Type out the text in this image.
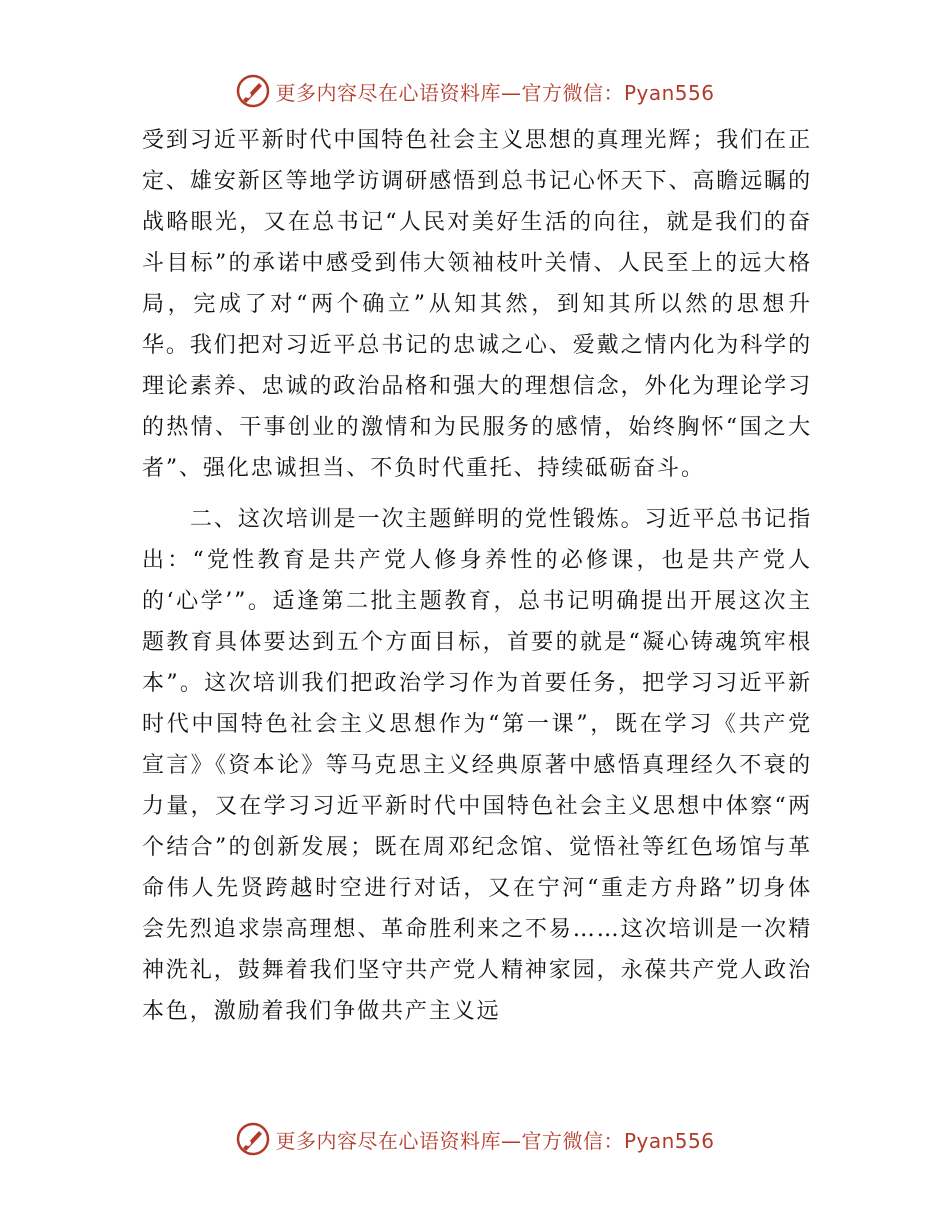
更多内容尽在心语资料库—官方微信：Pyan556

受到习近平新时代中国特色社会主义思想的真理光辉；我们在正定、雄安新区等地学访调研感悟到总书记心怀天下、高瞻远瞩的战略眼光，又在总书记“人民对美好生活的向往，就是我们的奋斗目标”的承诺中感受到伟大领袖枝叶关情、人民至上的远大格局，完成了对“两个确立”从知其然，到知其所以然的思想升华。我们把对习近平总书记的忠诚之心、爱戴之情内化为科学的理论素养、忠诚的政治品格和强大的理想信念，外化为理论学习的热情、干事创业的激情和为民服务的感情，始终胸怀“国之大者”、强化忠诚担当、不负时代重托、持续砥砺奋斗。

二、这次培训是一次主题鲜明的党性锻炼。习近平总书记指出：“党性教育是共产党人修身养性的必修课，也是共产党人的‘心学’”。适逢第二批主题教育，总书记明确提出开展这次主题教育具体要达到五个方面目标，首要的就是“凝心铸魂筑牢根本”。这次培训我们把政治学习作为首要任务，把学习习近平新时代中国特色社会主义思想作为“第一课”，既在学习《共产党宣言》《资本论》等马克思主义经典原著中感悟真理经久不衰的力量，又在学习习近平新时代中国特色社会主义思想中体察“两个结合”的创新发展；既在周邓纪念馆、觉悟社等红色场馆与革命伟人先贤跨越时空进行对话，又在宁河“重走方舟路”切身体会先烈追求崇高理想、革命胜利来之不易……这次培训是一次精神洗礼，鼓舞着我们坚守共产党人精神家园，永葆共产党人政治本色，激励着我们争做共产主义远

更多内容尽在心语资料库—官方微信：Pyan556
